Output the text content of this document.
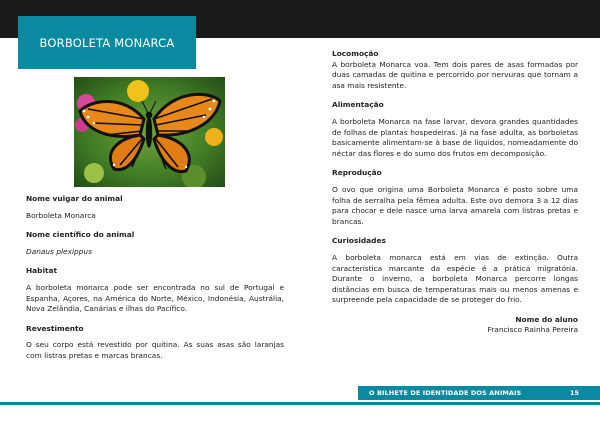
BORBOLETA MONARCA

Nome vulgar do animal

Borboleta Monarca

Nome científico do animal

Danaus plexippus

Habitat

A borboleta monarca pode ser encontrada no sul de Portugal e Espanha, Açores, na América do Norte, México, Indonésia, Austrália, Nova Zelândia, Canárias e ilhas do Pacífico.

Revestimento

O seu corpo está revestido por quitina. As suas asas são laranjas com listras pretas e marcas brancas.

Locomoção

A borboleta Monarca voa. Tem dois pares de asas formadas por duas camadas de quitina e percorrido por nervuras que tornam a asa mais resistente.

Alimentação

A borboleta Monarca na fase larvar, devora grandes quantidades de folhas de plantas hospedeiras. Já na fase adulta, as borboletas basicamente alimentam-se à base de líquidos, nomeadamente do néctar das flores e do sumo dos frutos em decomposição.

Reprodução

O ovo que origina uma Borboleta Monarca é posto sobre uma folha de serralha pela fêmea adulta. Este ovo demora 3 a 12 dias para chocar e dele nasce uma larva amarela com listras pretas e brancas.

Curiosidades

A borboleta monarca está em vias de extinção. Outra característica marcante da espécie é a prática migratória. Durante o inverno, a borboleta Monarca percorre longas distâncias em busca de temperaturas mais ou menos amenas e surpreende pela capacidade de se proteger do frio.

Nome do aluno
Francisco Rainha Pereira
O BILHETE DE IDENTIDADE DOS ANIMAIS	15
